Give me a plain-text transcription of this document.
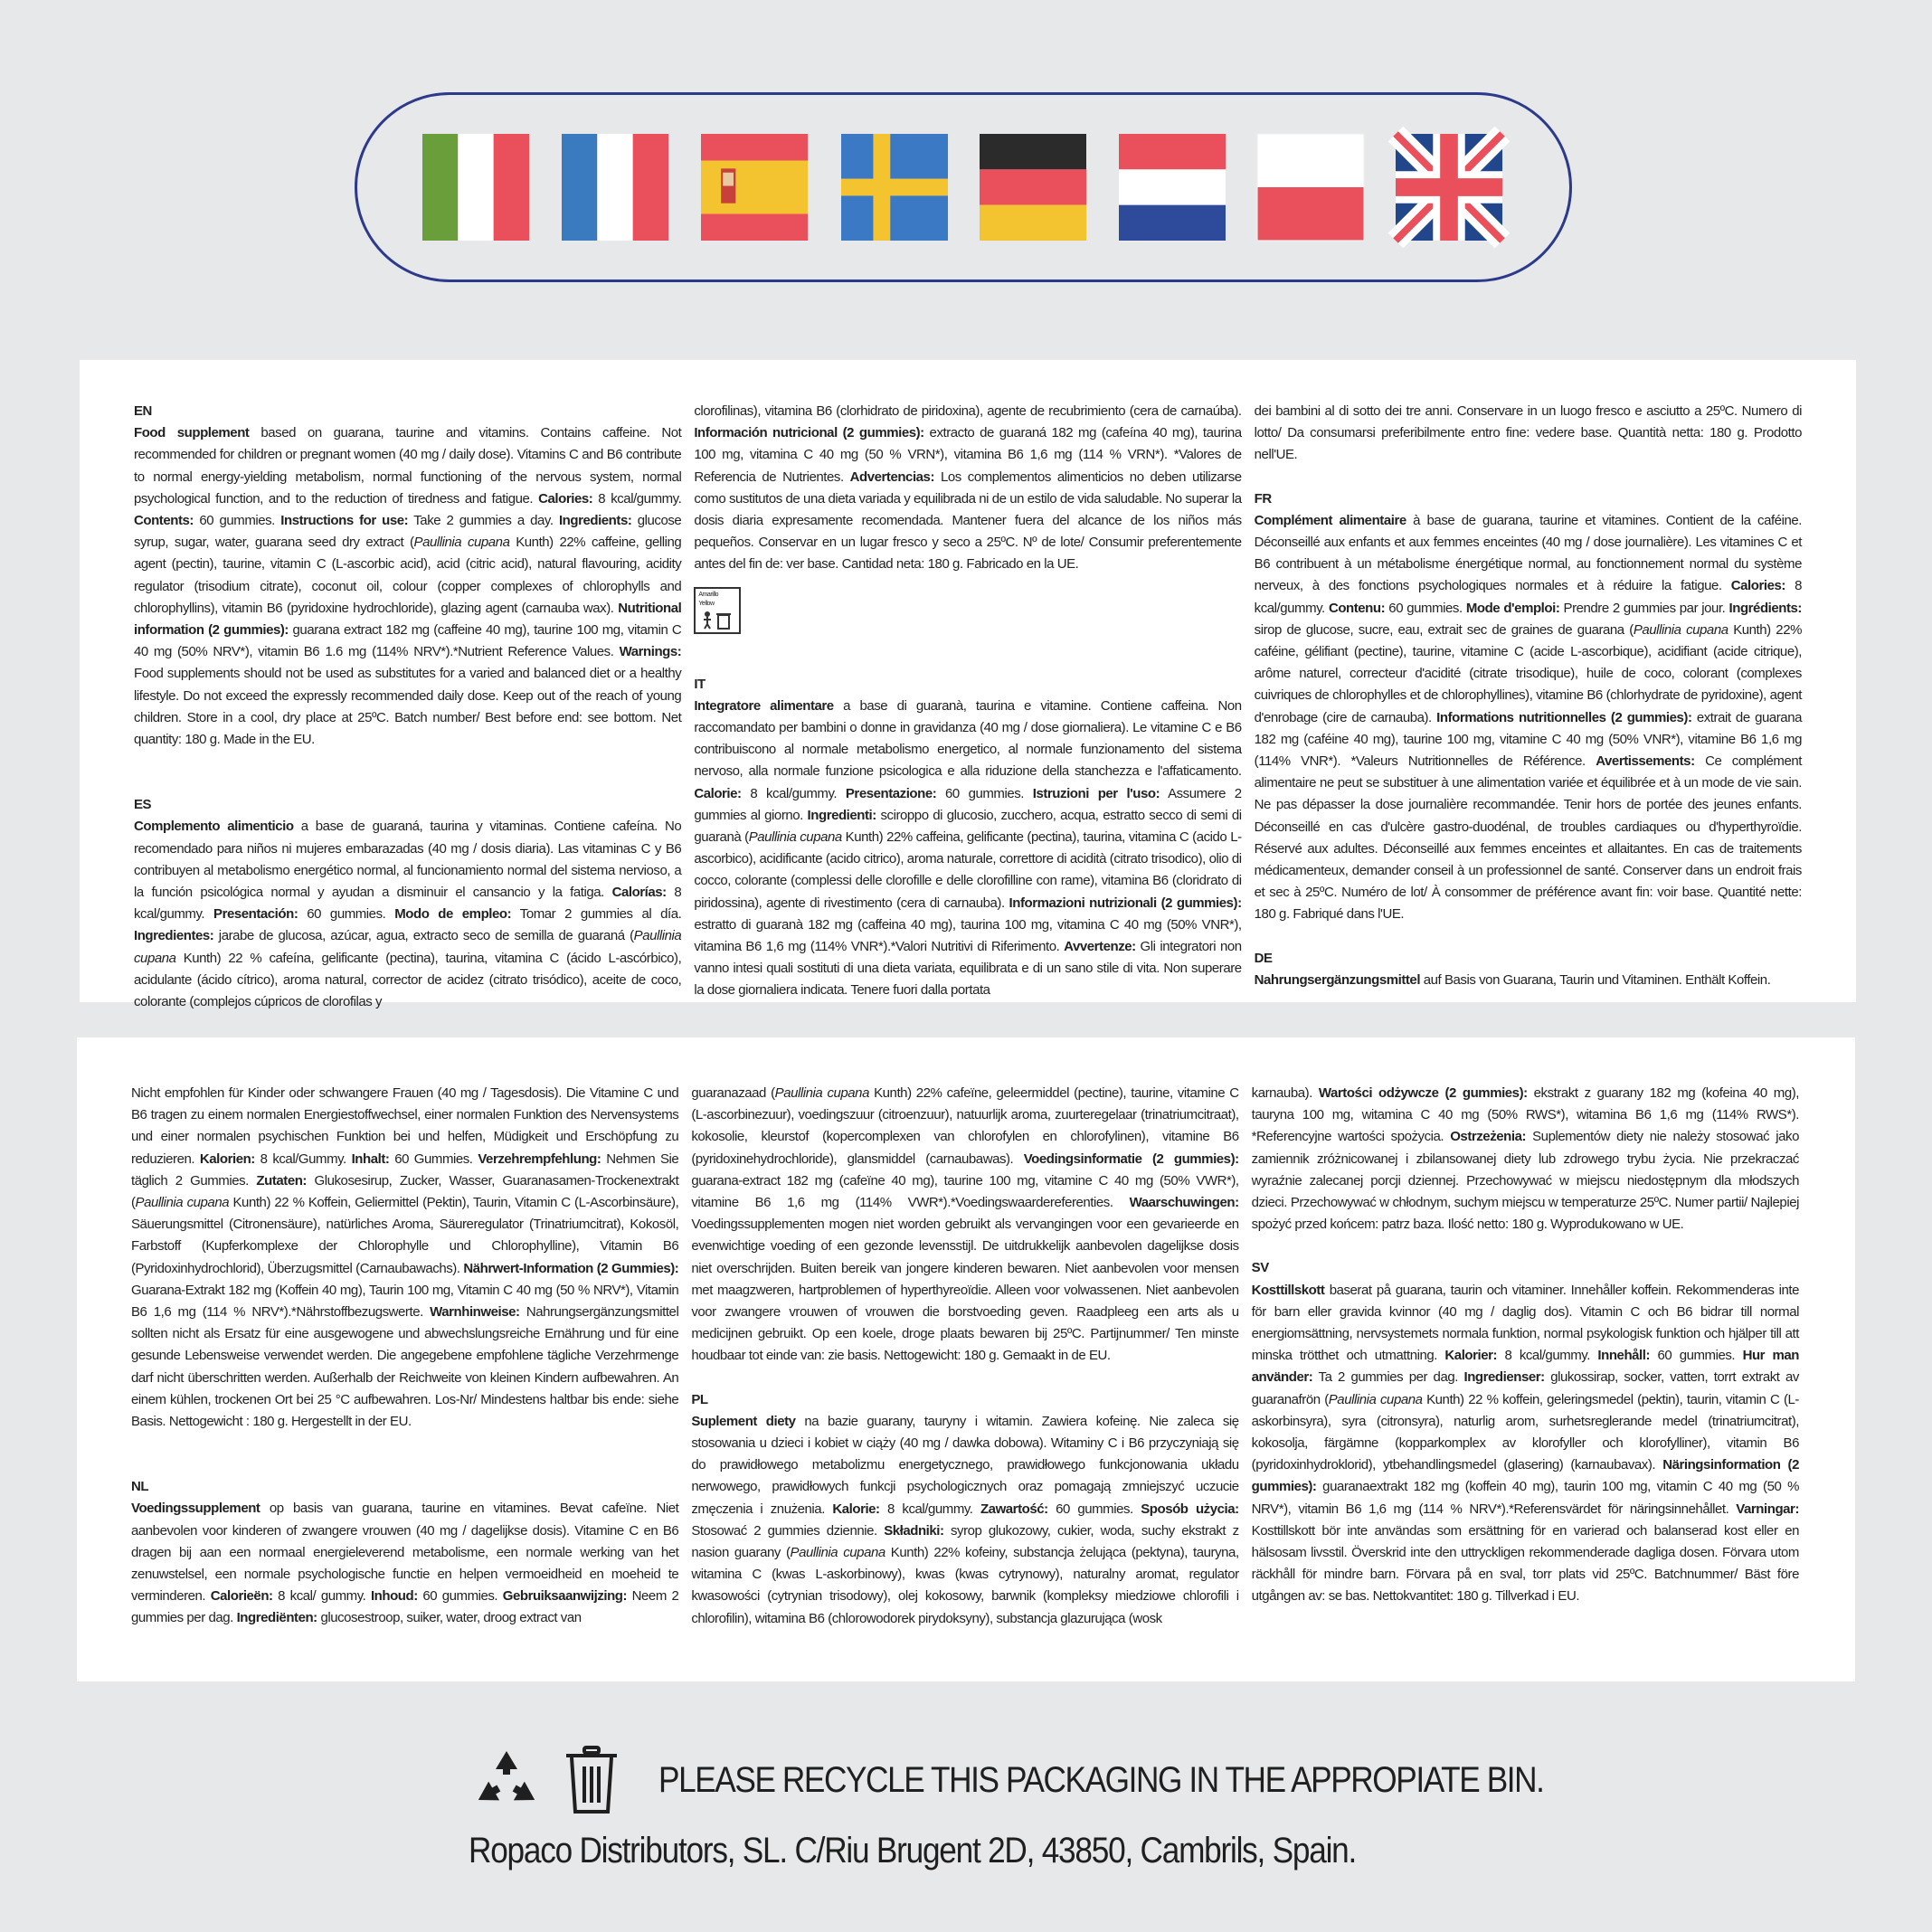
EN

Food supplement based on guarana, taurine and vitamins. Contains caffeine. Not recommended for children or pregnant women (40 mg / daily dose). Vitamins C and B6 contribute to normal energy-yielding metabolism, normal functioning of the nervous system, normal psychological function, and to the reduction of tiredness and fatigue. Calories: 8 kcal/gummy. Contents: 60 gummies. Instructions for use: Take 2 gummies a day. Ingredients: glucose syrup, sugar, water, guarana seed dry extract (Paullinia cupana Kunth) 22% caffeine, gelling agent (pectin), taurine, vitamin C (L-ascorbic acid), acid (citric acid), natural flavouring, acidity regulator (trisodium citrate), coconut oil, colour (copper complexes of chlorophylls and chlorophyllins), vitamin B6 (pyridoxine hydrochloride), glazing agent (carnauba wax). Nutritional information (2 gummies): guarana extract 182 mg (caffeine 40 mg), taurine 100 mg, vitamin C 40 mg (50% NRV*), vitamin B6 1.6 mg (114% NRV*).*Nutrient Reference Values. Warnings: Food supplements should not be used as substitutes for a varied and balanced diet or a healthy lifestyle. Do not exceed the expressly recommended daily dose. Keep out of the reach of young children. Store in a cool, dry place at 25ºC. Batch number/ Best before end: see bottom. Net quantity: 180 g. Made in the EU.

ES

Complemento alimenticio a base de guaraná, taurina y vitaminas. Contiene cafeína. No recomendado para niños ni mujeres embarazadas (40 mg / dosis diaria). Las vitaminas C y B6 contribuyen al metabolismo energético normal, al funcionamiento normal del sistema nervioso, a la función psicológica normal y ayudan a disminuir el cansancio y la fatiga. Calorías: 8 kcal/gummy. Presentación: 60 gummies. Modo de empleo: Tomar 2 gummies al día. Ingredientes: jarabe de glucosa, azúcar, agua, extracto seco de semilla de guaraná (Paullinia cupana Kunth) 22 % cafeína, gelificante (pectina), taurina, vitamina C (ácido L-ascórbico), acidulante (ácido cítrico), aroma natural, corrector de acidez (citrato trisódico), aceite de coco, colorante (complejos cúpricos de clorofilas y

clorofilinas), vitamina B6 (clorhidrato de piridoxina), agente de recubrimiento (cera de carnaúba). Información nutricional (2 gummies): extracto de guaraná 182 mg (cafeína 40 mg), taurina 100 mg, vitamina C 40 mg (50 % VRN*), vitamina B6 1,6 mg (114 % VRN*). *Valores de Referencia de Nutrientes. Advertencias: Los complementos alimenticios no deben utilizarse como sustitutos de una dieta variada y equilibrada ni de un estilo de vida saludable. No superar la dosis diaria expresamente recomendada. Mantener fuera del alcance de los niños más pequeños. Conservar en un lugar fresco y seco a 25ºC. Nº de lote/ Consumir preferentemente antes del fin de: ver base. Cantidad neta: 180 g. Fabricado en la UE.

Amarillo
Yellow

IT

Integratore alimentare a base di guaranà, taurina e vitamine. Contiene caffeina. Non raccomandato per bambini o donne in gravidanza (40 mg / dose giornaliera). Le vitamine C e B6 contribuiscono al normale metabolismo energetico, al normale funzionamento del sistema nervoso, alla normale funzione psicologica e alla riduzione della stanchezza e l'affaticamento. Calorie: 8 kcal/gummy. Presentazione: 60 gummies. Istruzioni per l'uso: Assumere 2 gummies al giorno. Ingredienti: sciroppo di glucosio, zucchero, acqua, estratto secco di semi di guaranà (Paullinia cupana Kunth) 22% caffeina, gelificante (pectina), taurina, vitamina C (acido L-ascorbico), acidificante (acido citrico), aroma naturale, correttore di acidità (citrato trisodico), olio di cocco, colorante (complessi delle clorofille e delle clorofilline con rame), vitamina B6 (cloridrato di piridossina), agente di rivestimento (cera di carnauba). Informazioni nutrizionali (2 gummies): estratto di guaranà 182 mg (caffeina 40 mg), taurina 100 mg, vitamina C 40 mg (50% VNR*), vitamina B6 1,6 mg (114% VNR*).*Valori Nutritivi di Riferimento. Avvertenze: Gli integratori non vanno intesi quali sostituti di una dieta variata, equilibrata e di un sano stile di vita. Non superare la dose giornaliera indicata. Tenere fuori dalla portata

dei bambini al di sotto dei tre anni. Conservare in un luogo fresco e asciutto a 25ºC. Numero di lotto/ Da consumarsi preferibilmente entro fine: vedere base. Quantità netta: 180 g. Prodotto nell'UE.

FR

Complément alimentaire à base de guarana, taurine et vitamines. Contient de la caféine. Déconseillé aux enfants et aux femmes enceintes (40 mg / dose journalière). Les vitamines C et B6 contribuent à un métabolisme énergétique normal, au fonctionnement normal du système nerveux, à des fonctions psychologiques normales et à réduire la fatigue. Calories: 8 kcal/gummy. Contenu: 60 gummies. Mode d'emploi: Prendre 2 gummies par jour. Ingrédients: sirop de glucose, sucre, eau, extrait sec de graines de guarana (Paullinia cupana Kunth) 22% caféine, gélifiant (pectine), taurine, vitamine C (acide L-ascorbique), acidifiant (acide citrique), arôme naturel, correcteur d'acidité (citrate trisodique), huile de coco, colorant (complexes cuivriques de chlorophylles et de chlorophyllines), vitamine B6 (chlorhydrate de pyridoxine), agent d'enrobage (cire de carnauba). Informations nutritionnelles (2 gummies): extrait de guarana 182 mg (caféine 40 mg), taurine 100 mg, vitamine C 40 mg (50% VNR*), vitamine B6 1,6 mg (114% VNR*). *Valeurs Nutritionnelles de Référence. Avertissements: Ce complément alimentaire ne peut se substituer à une alimentation variée et équilibrée et à un mode de vie sain. Ne pas dépasser la dose journalière recommandée. Tenir hors de portée des jeunes enfants. Déconseillé en cas d'ulcère gastro-duodénal, de troubles cardiaques ou d'hyperthyroïdie. Réservé aux adultes. Déconseillé aux femmes enceintes et allaitantes. En cas de traitements médicamenteux, demander conseil à un professionnel de santé. Conserver dans un endroit frais et sec à 25ºC. Numéro de lot/ À consommer de préférence avant fin: voir base. Quantité nette: 180 g. Fabriqué dans l'UE.

DE

Nahrungsergänzungsmittel auf Basis von Guarana, Taurin und Vitaminen. Enthält Koffein.

Nicht empfohlen für Kinder oder schwangere Frauen (40 mg / Tagesdosis). Die Vitamine C und B6 tragen zu einem normalen Energiestoffwechsel, einer normalen Funktion des Nervensystems und einer normalen psychischen Funktion bei und helfen, Müdigkeit und Erschöpfung zu reduzieren. Kalorien: 8 kcal/Gummy. Inhalt: 60 Gummies. Verzehrempfehlung: Nehmen Sie täglich 2 Gummies. Zutaten: Glukosesirup, Zucker, Wasser, Guaranasamen-Trockenextrakt (Paullinia cupana Kunth) 22 % Koffein, Geliermittel (Pektin), Taurin, Vitamin C (L-Ascorbinsäure), Säuerungsmittel (Citronensäure), natürliches Aroma, Säureregulator (Trinatriumcitrat), Kokosöl, Farbstoff (Kupferkomplexe der Chlorophylle und Chlorophylline), Vitamin B6 (Pyridoxinhydrochlorid), Überzugsmittel (Carnaubawachs). Nährwert-Information (2 Gummies): Guarana-Extrakt 182 mg (Koffein 40 mg), Taurin 100 mg, Vitamin C 40 mg (50 % NRV*), Vitamin B6 1,6 mg (114 % NRV*).*Nährstoffbezugswerte. Warnhinweise: Nahrungsergänzungsmittel sollten nicht als Ersatz für eine ausgewogene und abwechslungsreiche Ernährung und für eine gesunde Lebensweise verwendet werden. Die angegebene empfohlene tägliche Verzehrmenge darf nicht überschritten werden. Außerhalb der Reichweite von kleinen Kindern aufbewahren. An einem kühlen, trockenen Ort bei 25 °C aufbewahren. Los-Nr/ Mindestens haltbar bis ende: siehe Basis. Nettogewicht : 180 g. Hergestellt in der EU.

NL

Voedingssupplement op basis van guarana, taurine en vitamines. Bevat cafeïne. Niet aanbevolen voor kinderen of zwangere vrouwen (40 mg / dagelijkse dosis). Vitamine C en B6 dragen bij aan een normaal energieleverend metabolisme, een normale werking van het zenuwstelsel, een normale psychologische functie en helpen vermoeidheid en moeheid te verminderen. Calorieën: 8 kcal/ gummy. Inhoud: 60 gummies. Gebruiksaanwijzing: Neem 2 gummies per dag. Ingrediënten: glucosestroop, suiker, water, droog extract van

guaranazaad (Paullinia cupana Kunth) 22% cafeïne, geleermiddel (pectine), taurine, vitamine C (L-ascorbinezuur), voedingszuur (citroenzuur), natuurlijk aroma, zuurteregelaar (trinatriumcitraat), kokosolie, kleurstof (kopercomplexen van chlorofylen en chlorofylinen), vitamine B6 (pyridoxinehydrochloride), glansmiddel (carnaubawas). Voedingsinformatie (2 gummies): guarana-extract 182 mg (cafeïne 40 mg), taurine 100 mg, vitamine C 40 mg (50% VWR*), vitamine B6 1,6 mg (114% VWR*).*Voedingswaardereferenties. Waarschuwingen: Voedingssupplementen mogen niet worden gebruikt als vervangingen voor een gevarieerde en evenwichtige voeding of een gezonde levensstijl. De uitdrukkelijk aanbevolen dagelijkse dosis niet overschrijden. Buiten bereik van jongere kinderen bewaren. Niet aanbevolen voor mensen met maagzweren, hartproblemen of hyperthyreoïdie. Alleen voor volwassenen. Niet aanbevolen voor zwangere vrouwen of vrouwen die borstvoeding geven. Raadpleeg een arts als u medicijnen gebruikt. Op een koele, droge plaats bewaren bij 25ºC. Partijnummer/ Ten minste houdbaar tot einde van: zie basis. Nettogewicht: 180 g. Gemaakt in de EU.

PL

Suplement diety na bazie guarany, tauryny i witamin. Zawiera kofeinę. Nie zaleca się stosowania u dzieci i kobiet w ciąży (40 mg / dawka dobowa). Witaminy C i B6 przyczyniają się do prawidłowego metabolizmu energetycznego, prawidłowego funkcjonowania układu nerwowego, prawidłowych funkcji psychologicznych oraz pomagają zmniejszyć uczucie zmęczenia i znużenia. Kalorie: 8 kcal/gummy. Zawartość: 60 gummies. Sposób użycia: Stosować 2 gummies dziennie. Składniki: syrop glukozowy, cukier, woda, suchy ekstrakt z nasion guarany (Paullinia cupana Kunth) 22% kofeiny, substancja żelująca (pektyna), tauryna, witamina C (kwas L-askorbinowy), kwas (kwas cytrynowy), naturalny aromat, regulator kwasowości (cytrynian trisodowy), olej kokosowy, barwnik (kompleksy miedziowe chlorofili i chlorofilin), witamina B6 (chlorowodorek pirydoksyny), substancja glazurująca (wosk

karnauba). Wartości odżywcze (2 gummies): ekstrakt z guarany 182 mg (kofeina 40 mg), tauryna 100 mg, witamina C 40 mg (50% RWS*), witamina B6 1,6 mg (114% RWS*). *Referencyjne wartości spożycia. Ostrzeżenia: Suplementów diety nie należy stosować jako zamiennik zróżnicowanej i zbilansowanej diety lub zdrowego trybu życia. Nie przekraczać wyraźnie zalecanej porcji dziennej. Przechowywać w miejscu niedostępnym dla młodszych dzieci. Przechowywać w chłodnym, suchym miejscu w temperaturze 25ºC. Numer partii/ Najlepiej spożyć przed końcem: patrz baza. Ilość netto: 180 g. Wyprodukowano w UE.

SV

Kosttillskott baserat på guarana, taurin och vitaminer. Innehåller koffein. Rekommenderas inte för barn eller gravida kvinnor (40 mg / daglig dos). Vitamin C och B6 bidrar till normal energiomsättning, nervsystemets normala funktion, normal psykologisk funktion och hjälper till att minska trötthet och utmattning. Kalorier: 8 kcal/gummy. Innehåll: 60 gummies. Hur man använder: Ta 2 gummies per dag. Ingredienser: glukossirap, socker, vatten, torrt extrakt av guaranafrön (Paullinia cupana Kunth) 22 % koffein, geleringsmedel (pektin), taurin, vitamin C (L-askorbinsyra), syra (citronsyra), naturlig arom, surhetsreglerande medel (trinatriumcitrat), kokosolja, färgämne (kopparkomplex av klorofyller och klorofylliner), vitamin B6 (pyridoxinhydroklorid), ytbehandlingsmedel (glasering) (karnaubavax). Näringsinformation (2 gummies): guaranaextrakt 182 mg (koffein 40 mg), taurin 100 mg, vitamin C 40 mg (50 % NRV*), vitamin B6 1,6 mg (114 % NRV*).*Referensvärdet för näringsinnehållet. Varningar: Kosttillskott bör inte användas som ersättning för en varierad och balanserad kost eller en hälsosam livsstil. Överskrid inte den uttryckligen rekommenderade dagliga dosen. Förvara utom räckhåll för mindre barn. Förvara på en sval, torr plats vid 25ºC. Batchnummer/ Bäst före utgången av: se bas. Nettokvantitet: 180 g. Tillverkad i EU.

PLEASE RECYCLE THIS PACKAGING IN THE APPROPIATE BIN.
Ropaco Distributors, SL. C/Riu Brugent 2D, 43850, Cambrils, Spain.
